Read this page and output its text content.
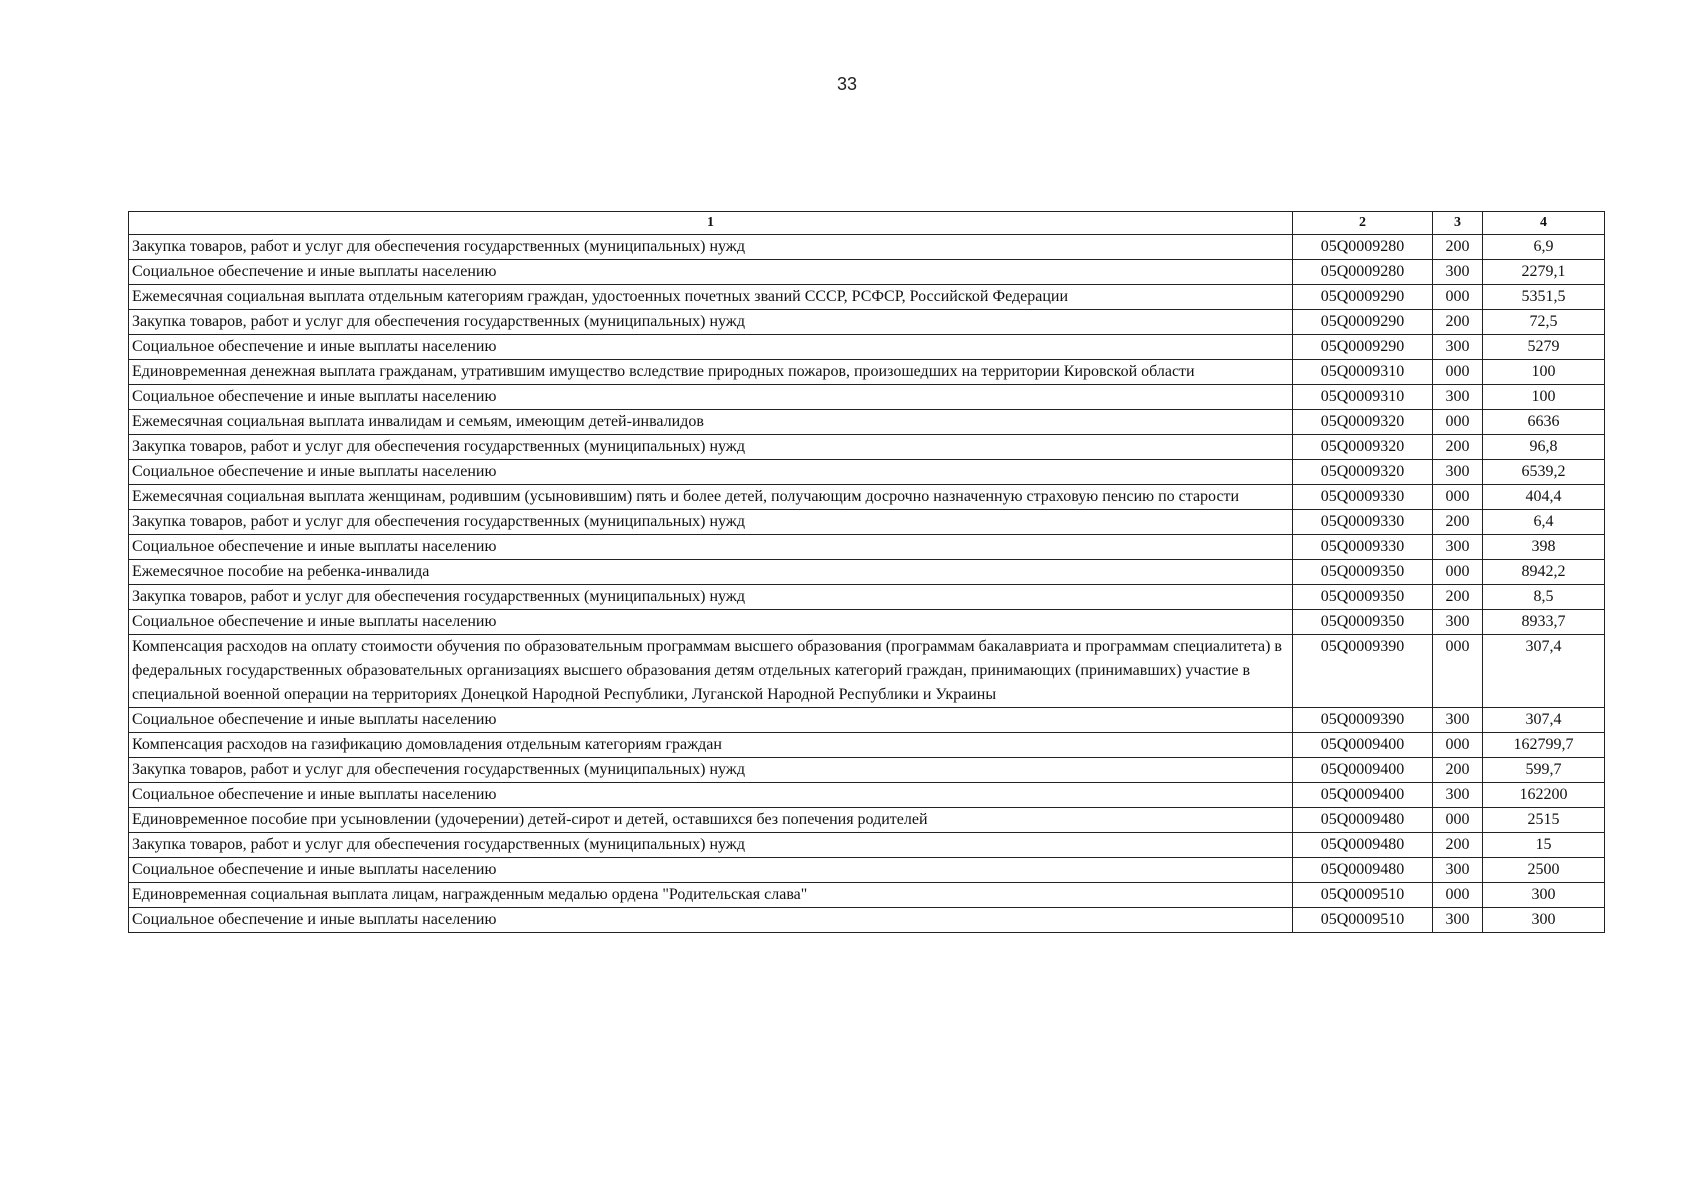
33
1	2	3	4
Закупка товаров, работ и услуг для обеспечения государственных (муниципальных) нужд	05Q0009280	200	6,9
Социальное обеспечение и иные выплаты населению	05Q0009280	300	2279,1
Ежемесячная социальная выплата отдельным категориям граждан, удостоенных почетных званий СССР, РСФСР, Российской Федерации	05Q0009290	000	5351,5
Закупка товаров, работ и услуг для обеспечения государственных (муниципальных) нужд	05Q0009290	200	72,5
Социальное обеспечение и иные выплаты населению	05Q0009290	300	5279
Единовременная денежная выплата гражданам, утратившим имущество вследствие природных пожаров, произошедших на территории Кировской области	05Q0009310	000	100
Социальное обеспечение и иные выплаты населению	05Q0009310	300	100
Ежемесячная социальная выплата инвалидам и семьям, имеющим детей-инвалидов	05Q0009320	000	6636
Закупка товаров, работ и услуг для обеспечения государственных (муниципальных) нужд	05Q0009320	200	96,8
Социальное обеспечение и иные выплаты населению	05Q0009320	300	6539,2
Ежемесячная социальная выплата женщинам, родившим (усыновившим) пять и более детей, получающим досрочно назначенную страховую пенсию по старости	05Q0009330	000	404,4
Закупка товаров, работ и услуг для обеспечения государственных (муниципальных) нужд	05Q0009330	200	6,4
Социальное обеспечение и иные выплаты населению	05Q0009330	300	398
Ежемесячное пособие на ребенка-инвалида	05Q0009350	000	8942,2
Закупка товаров, работ и услуг для обеспечения государственных (муниципальных) нужд	05Q0009350	200	8,5
Социальное обеспечение и иные выплаты населению	05Q0009350	300	8933,7
Компенсация расходов на оплату стоимости обучения по образовательным программам высшего образования (программам бакалавриата и программам специалитета) в федеральных государственных образовательных организациях высшего образования детям отдельных категорий граждан, принимающих (принимавших) участие в специальной военной операции на территориях Донецкой Народной Республики, Луганской Народной Республики и Украины	05Q0009390	000	307,4
Социальное обеспечение и иные выплаты населению	05Q0009390	300	307,4
Компенсация расходов на газификацию домовладения отдельным категориям граждан	05Q0009400	000	162799,7
Закупка товаров, работ и услуг для обеспечения государственных (муниципальных) нужд	05Q0009400	200	599,7
Социальное обеспечение и иные выплаты населению	05Q0009400	300	162200
Единовременное пособие при усыновлении (удочерении) детей-сирот и детей, оставшихся без попечения родителей	05Q0009480	000	2515
Закупка товаров, работ и услуг для обеспечения государственных (муниципальных) нужд	05Q0009480	200	15
Социальное обеспечение и иные выплаты населению	05Q0009480	300	2500
Единовременная социальная выплата лицам, награжденным медалью ордена "Родительская слава"	05Q0009510	000	300
Социальное обеспечение и иные выплаты населению	05Q0009510	300	300
